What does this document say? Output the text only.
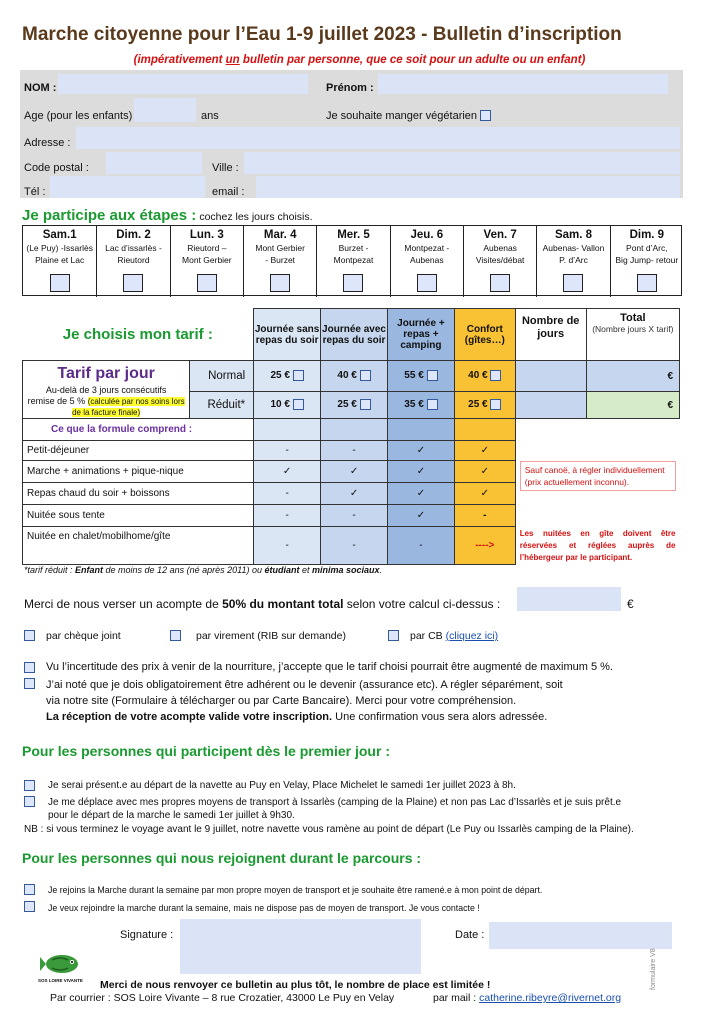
Marche citoyenne pour l’Eau 1-9 juillet 2023 - Bulletin d’inscription
(impérativement un bulletin par personne, que ce soit pour un adulte ou un enfant)
NOM :	Prénom :
Age (pour les enfants)	ans	Je souhaite manger végétarien
Adresse :
Code postal :	Ville :
Tél :	email :
Je participe aux étapes : cochez les jours choisis.
Sam.1
(Le Puy) -Issarlès
Plaine et Lac
Dim. 2
Lac d’issarlès -
Rieutord
Lun. 3
Rieutord –
Mont Gerbier
Mar. 4
Mont Gerbier
- Burzet
Mer. 5
Burzet -
Montpezat
Jeu. 6
Montpezat -
Aubenas
Ven. 7
Aubenas
Visites/débat
Sam. 8
Aubenas- Vallon
P. d’Arc
Dim. 9
Pont d’Arc,
Big Jump- retour
Je choisis mon tarif :		Journée sans repas du soir	Journée avec repas du soir	Journée + repas + camping	Confort (gîtes…)	Nombre de jours	Total
(Nombre jours X tarif)

Tarif par jour
Au-delà de 3 jours consécutifs
remise de 5 % (calculée par nos soins lors de la facture finale)	Normal	25 €	40 €	55 €	40 €		€
	Réduit*	10 €	25 €	35 €	25 €		€
Ce que la formule comprend :							
Petit-déjeuner		-	-	✓	✓		
Marche + animations + pique-nique		✓	✓	✓	✓	Sauf canoë, à régler individuellement (prix actuellement inconnu).	

Repas chaud du soir + boissons		-	✓	✓	✓		
Nuitée sous tente		-	-	✓	-		
Nuitée en chalet/mobilhome/gîte		-	-	-	---->	Les nuitées en gîte doivent être réservées et réglées auprès de l’hébergeur par le participant.	
*tarif réduit : Enfant de moins de 12 ans (né après 2011) ou étudiant et minima sociaux.
Merci de nous verser un acompte de 50% du montant total selon votre calcul ci-dessus :	€
par chèque joint	par virement (RIB sur demande)	par CB (cliquez ici)
Vu l’incertitude des prix à venir de la nourriture, j’accepte que le tarif choisi pourrait être augmenté de maximum 5 %.
J’ai noté que je dois obligatoirement être adhérent ou le devenir (assurance etc). A régler séparément, soit
via notre site (Formulaire à télécharger ou par Carte Bancaire). Merci pour votre compréhension.
La réception de votre acompte valide votre inscription. Une confirmation vous sera alors adressée.
Pour les personnes qui participent dès le premier jour :
Je serai présent.e au départ de la navette au Puy en Velay, Place Michelet le samedi 1er juillet 2023 à 8h.
Je me déplace avec mes propres moyens de transport à Issarlès (camping de la Plaine) et non pas Lac d’Issarlès et je suis prêt.e
pour le départ de la marche le samedi 1er juillet à 9h30.
NB : si vous terminez le voyage avant le 9 juillet, notre navette vous ramène au point de départ (Le Puy ou Issarlès camping de la Plaine).
Pour les personnes qui nous rejoignent durant le parcours :
Je rejoins la Marche durant la semaine par mon propre moyen de transport et je souhaite être ramené.e à mon point de départ.
Je veux rejoindre la marche durant la semaine, mais ne dispose pas de moyen de transport. Je vous contacte !
Signature :	Date :
SOS LOIRE VIVANTE	formulaire V8
Merci de nous renvoyer ce bulletin au plus tôt, le nombre de place est limitée !
Par courrier : SOS Loire Vivante – 8 rue Crozatier, 43000 Le Puy en Velay	par mail : catherine.ribeyre@rivernet.org
